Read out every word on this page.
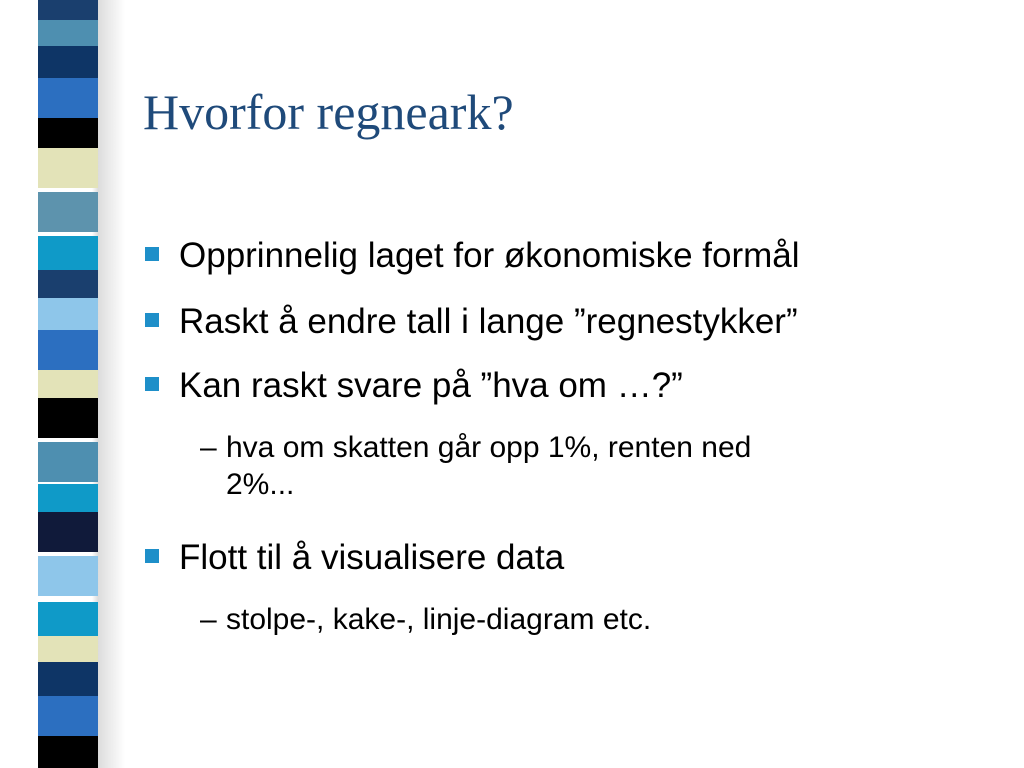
Hvorfor regneark?
Opprinnelig laget for økonomiske formål
Raskt å endre tall i lange ”regnestykker”
Kan raskt svare på ”hva om …?”
– hva om skatten går opp 1%, renten ned
2%...
Flott til å visualisere data
– stolpe-, kake-, linje-diagram etc.
